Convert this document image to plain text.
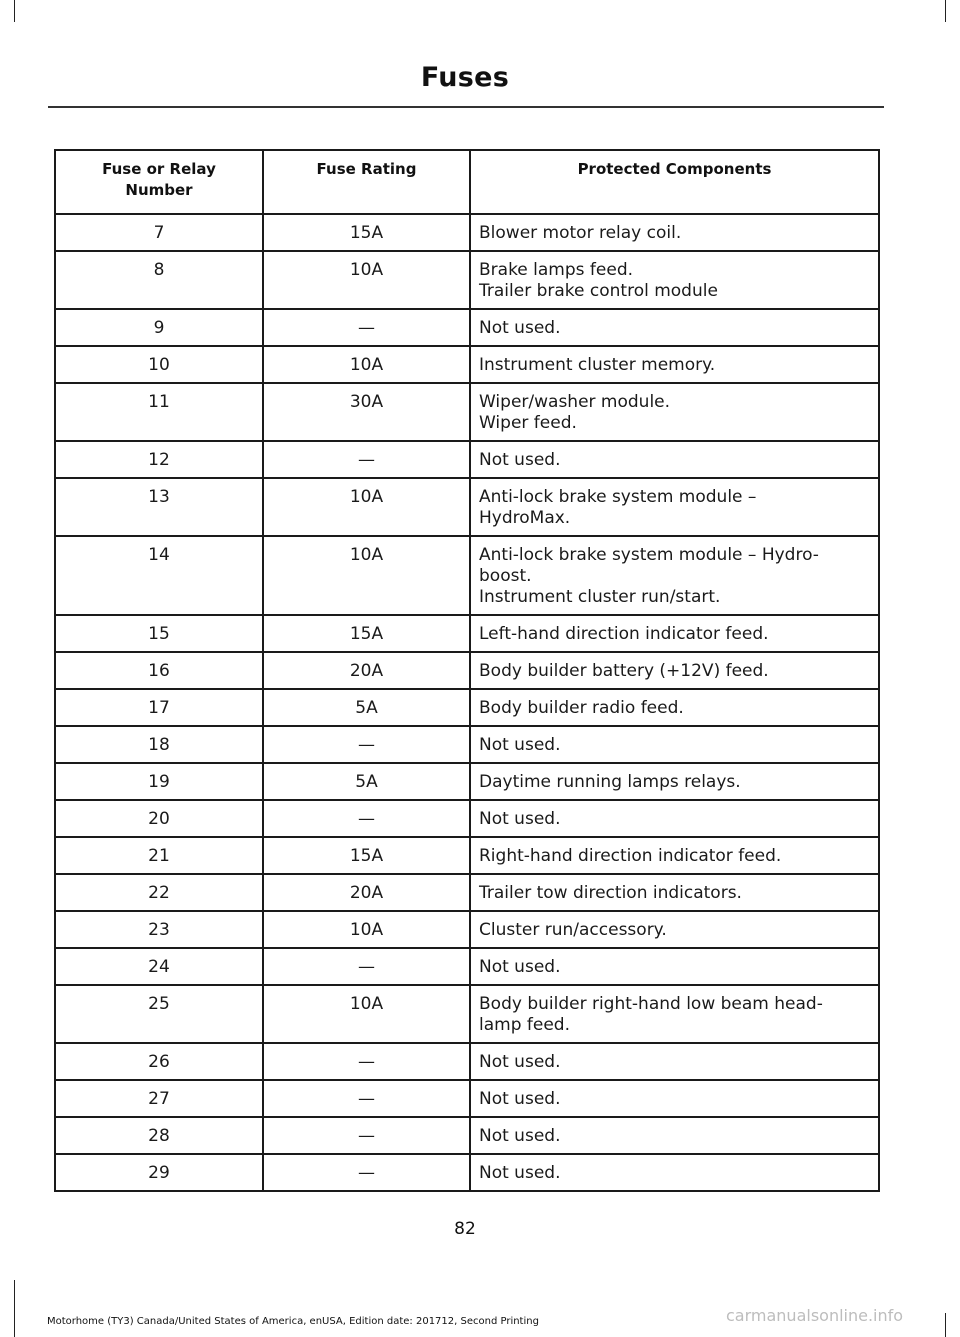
Fuses
Fuse or Relay Number	Fuse Rating	Protected Components
7	15A	Blower motor relay coil.

8	10A	Brake lamps feed.
Trailer brake control module

9	—	Not used.

10	10A	Instrument cluster memory.

11	30A	Wiper/washer module.
Wiper feed.

12	—	Not used.

13	10A	Anti-lock brake system module –
HydroMax.

14	10A	Anti-lock brake system module – Hydro-
boost.
Instrument cluster run/start.

15	15A	Left-hand direction indicator feed.

16	20A	Body builder battery (+12V) feed.

17	5A	Body builder radio feed.

18	—	Not used.

19	5A	Daytime running lamps relays.

20	—	Not used.

21	15A	Right-hand direction indicator feed.

22	20A	Trailer tow direction indicators.

23	10A	Cluster run/accessory.

24	—	Not used.

25	10A	Body builder right-hand low beam head-
lamp feed.

26	—	Not used.

27	—	Not used.

28	—	Not used.

29	—	Not used.
82
Motorhome (TY3) Canada/United States of America, enUSA, Edition date: 201712, Second Printing	carmanualsonline.info
